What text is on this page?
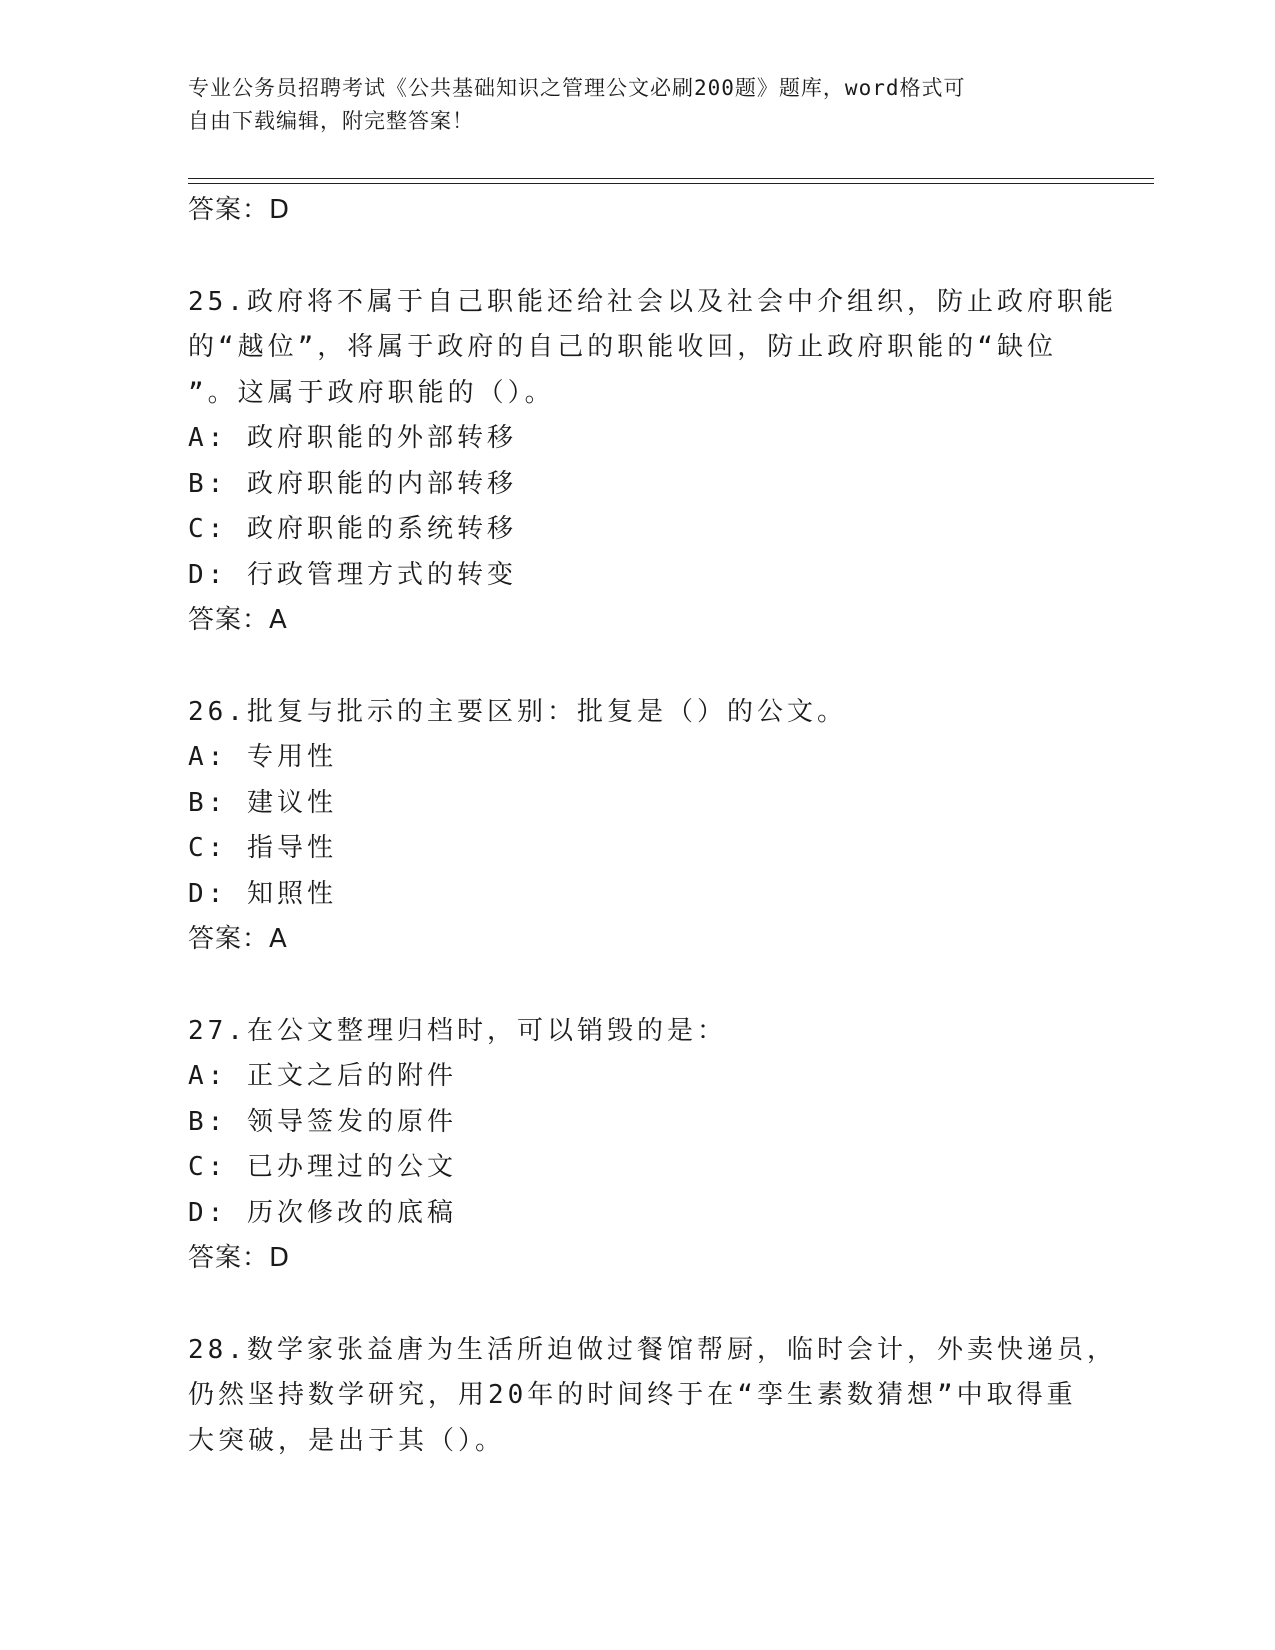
专业公务员招聘考试《公共基础知识之管理公文必刷200题》题库，word格式可
自由下载编辑，附完整答案！
答案：D
25.政府将不属于自己职能还给社会以及社会中介组织，防止政府职能
的“越位”，将属于政府的自己的职能收回，防止政府职能的“缺位
”。这属于政府职能的（）。
A: 政府职能的外部转移
B: 政府职能的内部转移
C: 政府职能的系统转移
D: 行政管理方式的转变
答案：A
26.批复与批示的主要区别：批复是（）的公文。
A: 专用性
B: 建议性
C: 指导性
D: 知照性
答案：A
27.在公文整理归档时，可以销毁的是：
A: 正文之后的附件
B: 领导签发的原件
C: 已办理过的公文
D: 历次修改的底稿
答案：D
28.数学家张益唐为生活所迫做过餐馆帮厨，临时会计，外卖快递员，
仍然坚持数学研究，用20年的时间终于在“孪生素数猜想”中取得重
大突破，是出于其（）。
